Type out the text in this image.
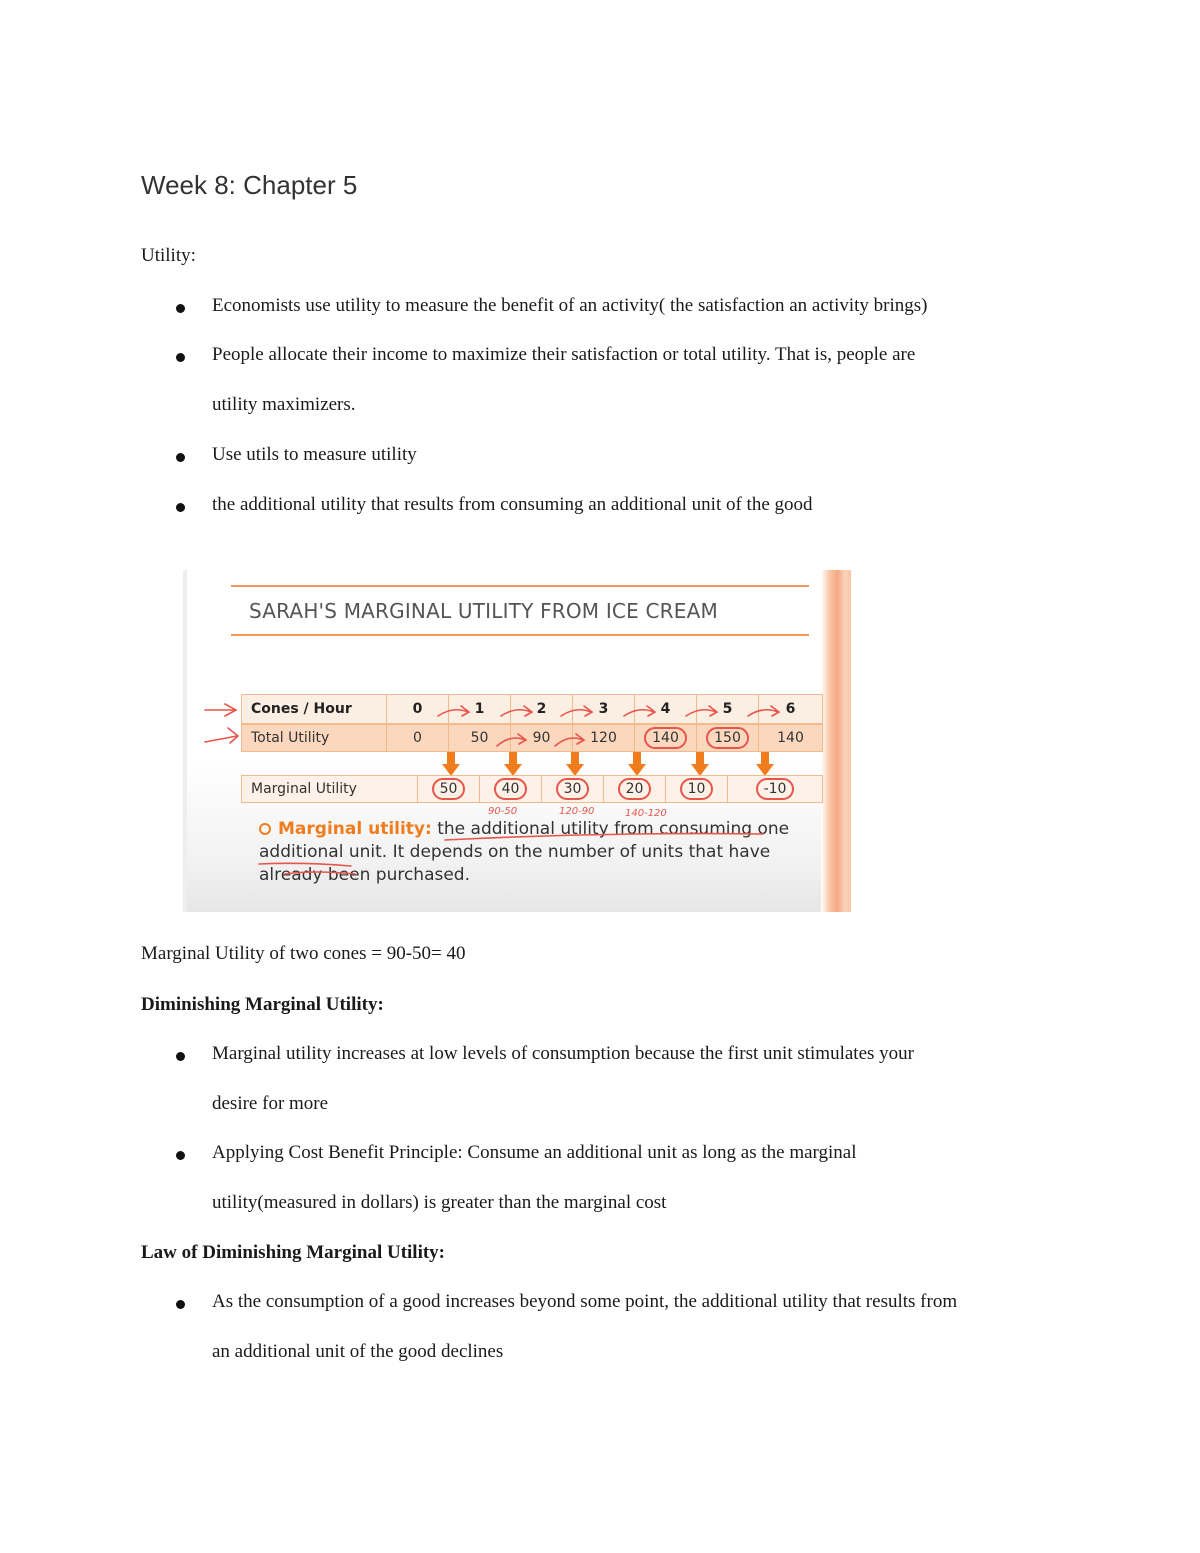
Week 8: Chapter 5

Utility:

Economists use utility to measure the benefit of an activity( the satisfaction an activity brings)

People allocate their income to maximize their satisfaction or total utility. That is, people are

utility maximizers.

Use utils to measure utility

the additional utility that results from consuming an additional unit of the good

SARAH'S MARGINAL UTILITY FROM ICE CREAM
Cones / Hour	0	1	2	3	4	5	6
Total Utility	0	50	90	120	140	150	140
Marginal Utility	50	40	30	20	10	-10
90-50	120-90	140-120
Marginal utility: the additional utility from consuming one
additional unit. It depends on the number of units that have
already been purchased.

Marginal Utility of two cones = 90-50= 40

Diminishing Marginal Utility:

Marginal utility increases at low levels of consumption because the first unit stimulates your

desire for more

Applying Cost Benefit Principle: Consume an additional unit as long as the marginal

utility(measured in dollars) is greater than the marginal cost

Law of Diminishing Marginal Utility:

As the consumption of a good increases beyond some point, the additional utility that results from

an additional unit of the good declines
